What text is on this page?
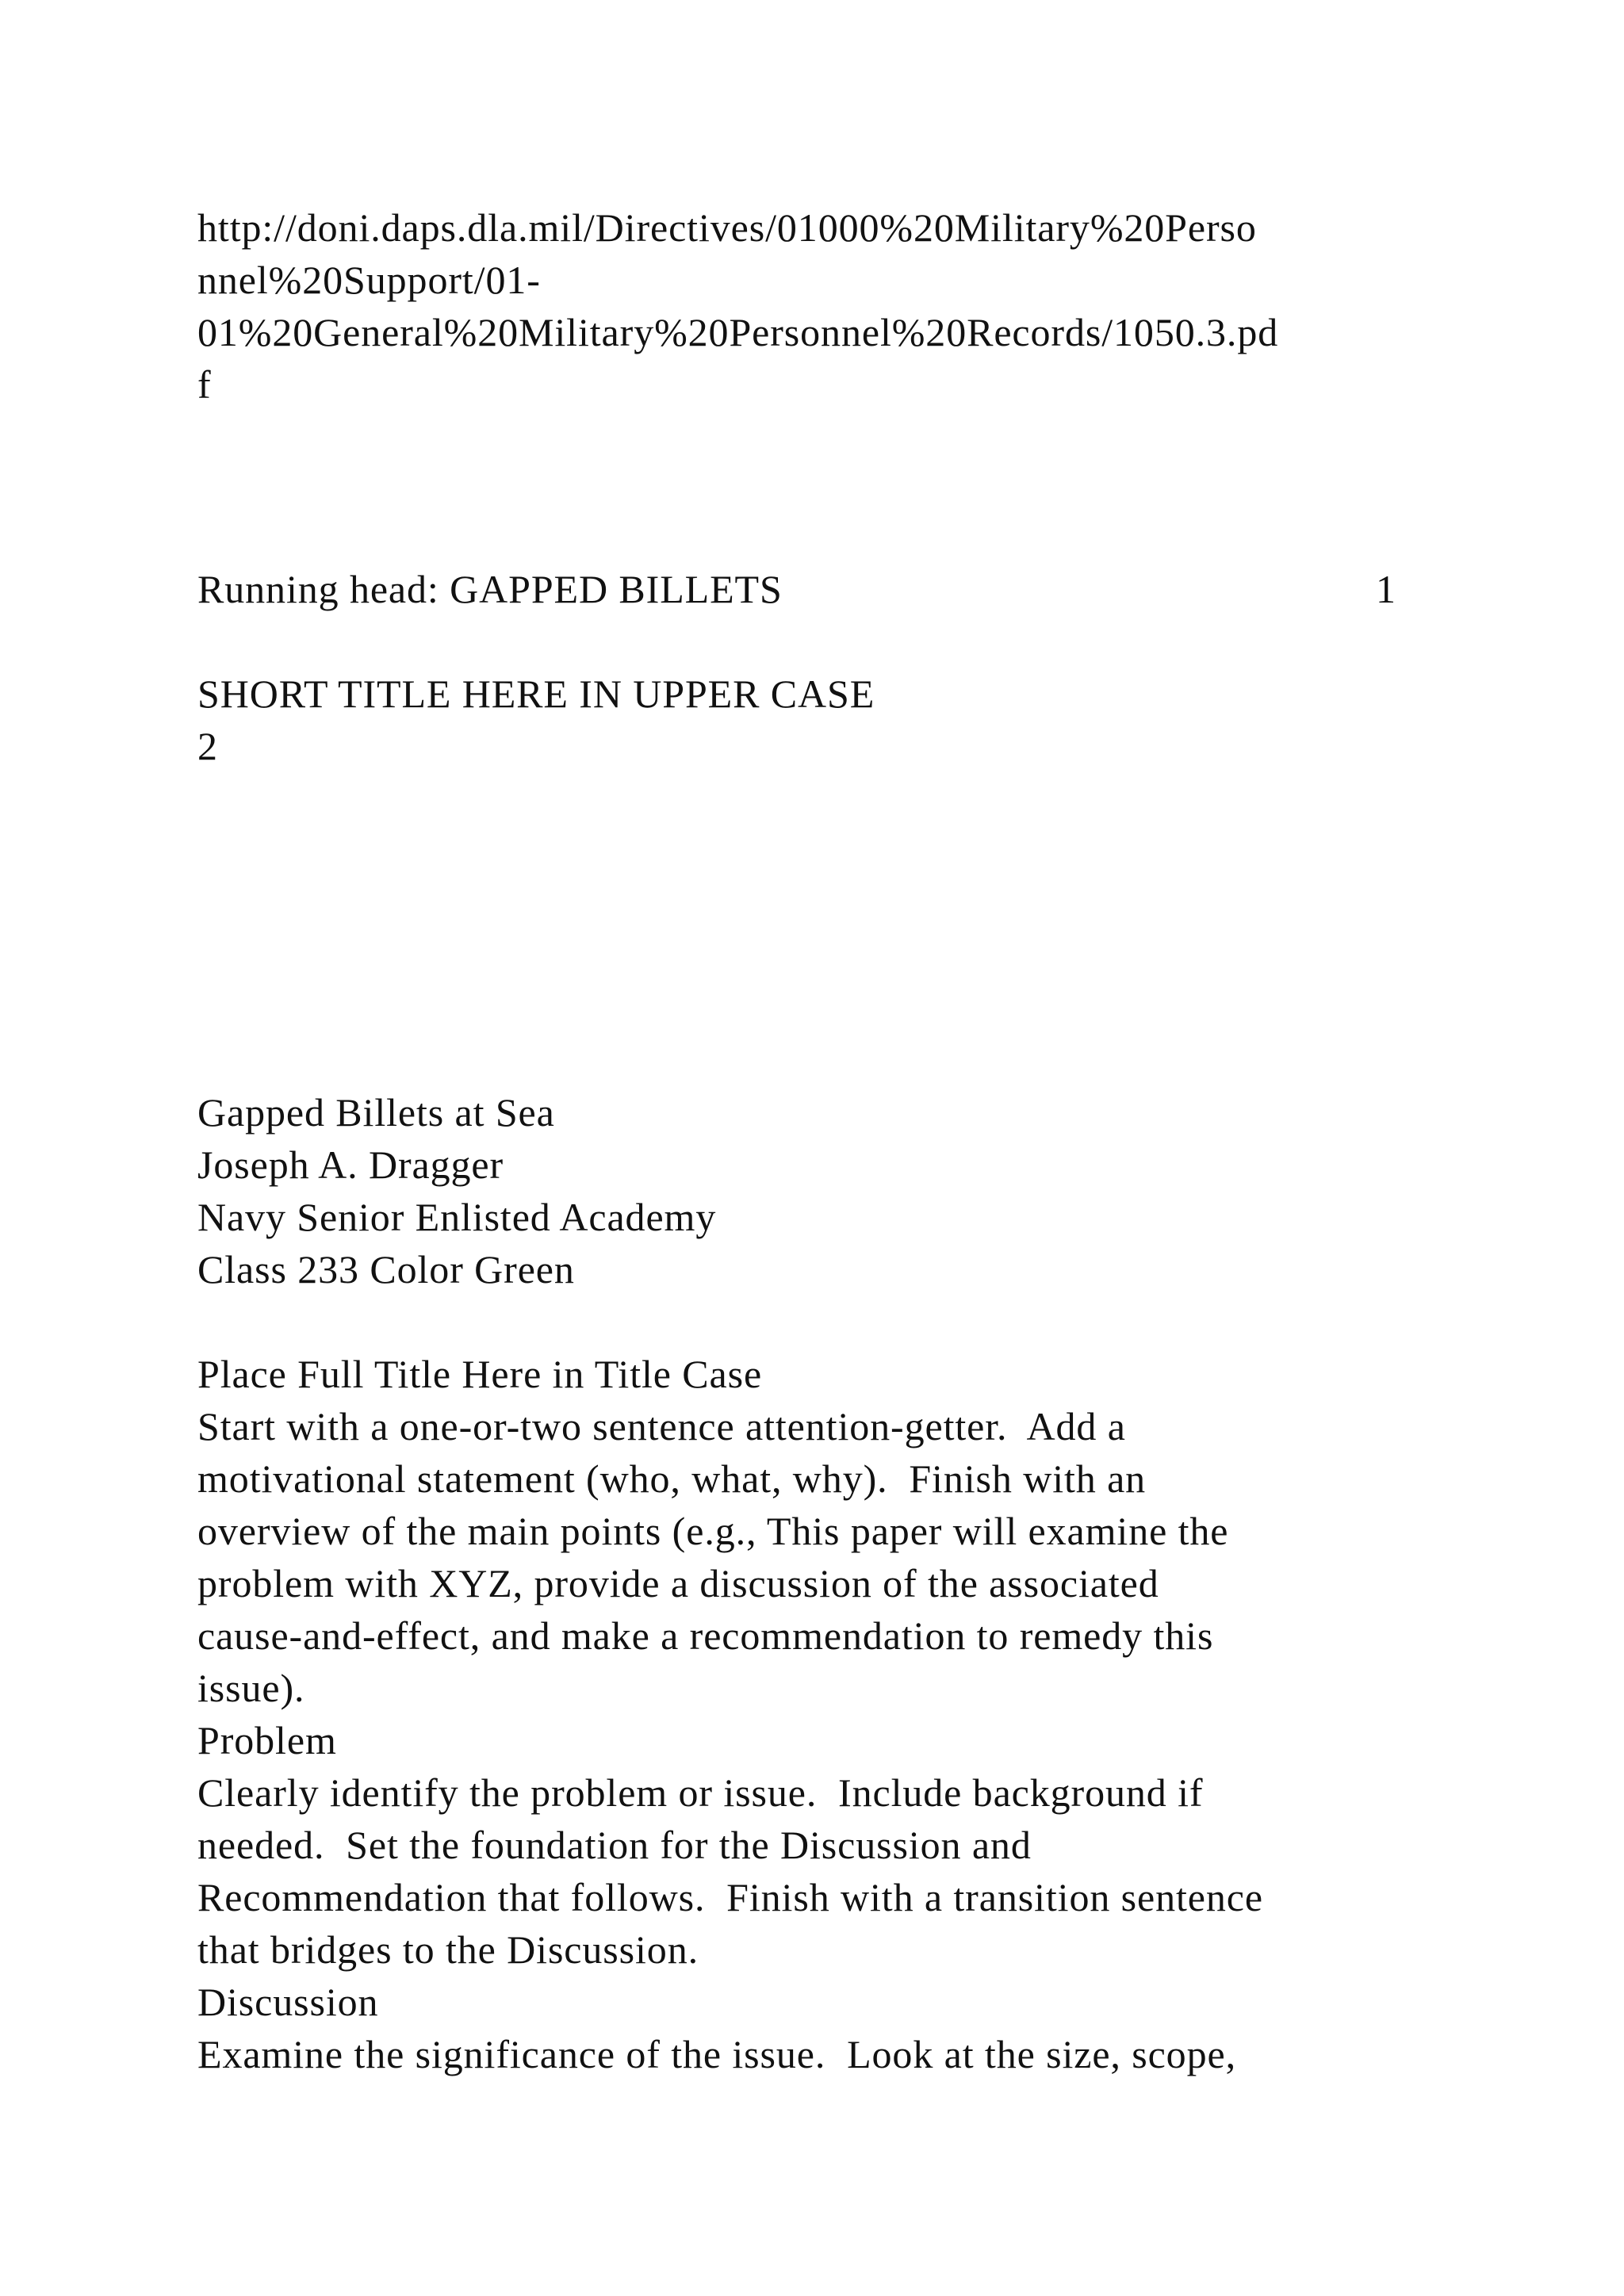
http://doni.daps.dla.mil/Directives/01000%20Military%20Perso
nnel%20Support/01-
01%20General%20Military%20Personnel%20Records/1050.3.pd
f
Running head: GAPPED BILLETS	1
SHORT TITLE HERE IN UPPER CASE
2
Gapped Billets at Sea
Joseph A. Dragger
Navy Senior Enlisted Academy
Class 233 Color Green
Place Full Title Here in Title Case
Start with a one-or-two sentence attention-getter.  Add a
motivational statement (who, what, why).  Finish with an
overview of the main points (e.g., This paper will examine the
problem with XYZ, provide a discussion of the associated
cause-and-effect, and make a recommendation to remedy this
issue).
Problem
Clearly identify the problem or issue.  Include background if
needed.  Set the foundation for the Discussion and
Recommendation that follows.  Finish with a transition sentence
that bridges to the Discussion.
Discussion
Examine the significance of the issue.  Look at the size, scope,
